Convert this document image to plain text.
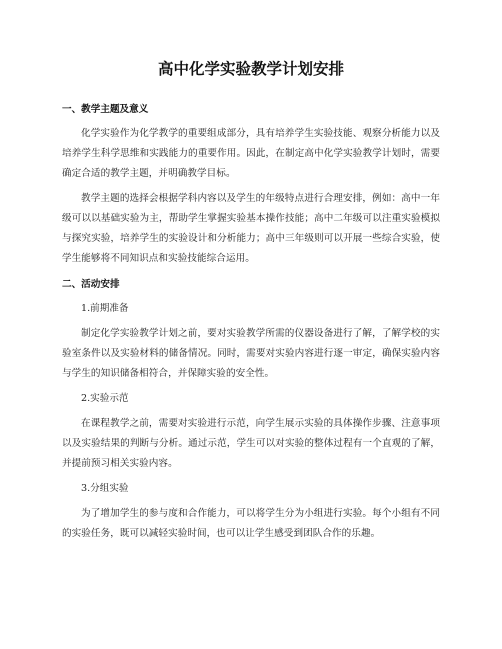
高中化学实验教学计划安排
一、教学主题及意义

化学实验作为化学教学的重要组成部分，具有培养学生实验技能、观察分析能力以及培养学生科学思维和实践能力的重要作用。因此，在制定高中化学实验教学计划时，需要确定合适的教学主题，并明确教学目标。

教学主题的选择会根据学科内容以及学生的年级特点进行合理安排，例如：高中一年级可以以基础实验为主，帮助学生掌握实验基本操作技能；高中二年级可以注重实验模拟与探究实验，培养学生的实验设计和分析能力；高中三年级则可以开展一些综合实验，使学生能够将不同知识点和实验技能综合运用。

二、活动安排

1.前期准备

制定化学实验教学计划之前，要对实验教学所需的仪器设备进行了解，了解学校的实验室条件以及实验材料的储备情况。同时，需要对实验内容进行逐一审定，确保实验内容与学生的知识储备相符合，并保障实验的安全性。

2.实验示范

在课程教学之前，需要对实验进行示范，向学生展示实验的具体操作步骤、注意事项以及实验结果的判断与分析。通过示范，学生可以对实验的整体过程有一个直观的了解，并提前预习相关实验内容。

3.分组实验

为了增加学生的参与度和合作能力，可以将学生分为小组进行实验。每个小组有不同的实验任务，既可以减轻实验时间，也可以让学生感受到团队合作的乐趣。
